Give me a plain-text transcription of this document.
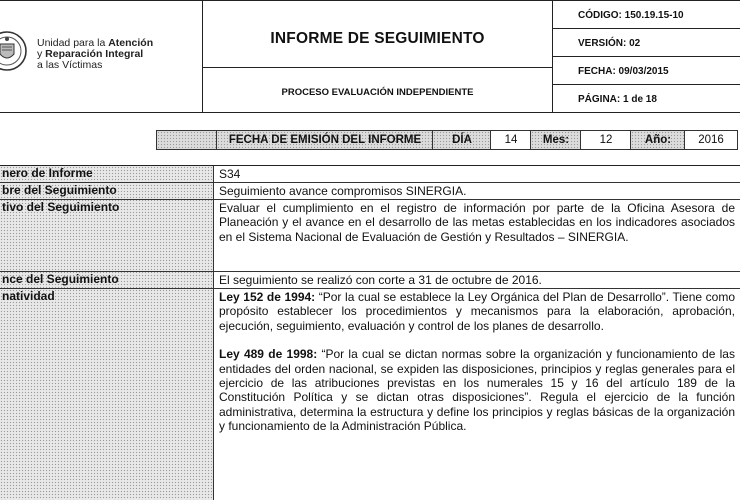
Unidad para la Atención
y Reparación Integral
a las Víctimas
INFORME DE SEGUIMIENTO
PROCESO EVALUACIÓN INDEPENDIENTE
CÓDIGO: 150.19.15-10
VERSIÓN: 02
FECHA: 09/03/2015
PÁGINA: 1 de 18
FECHA DE EMISIÓN DEL INFORME	DÍA	14	Mes:	12	Año:	2016
nero de Informe	S34
bre del Seguimiento	Seguimiento avance compromisos SINERGIA.
tivo del Seguimiento	Evaluar el cumplimiento en el registro de información por parte de la Oficina Asesora de Planeación y el avance en el desarrollo de las metas establecidas en los indicadores asociados en el Sistema Nacional de Evaluación de Gestión y Resultados – SINERGIA.
nce del Seguimiento	El seguimiento se realizó con corte a 31 de octubre de 2016.
natividad	Ley 152 de 1994: “Por la cual se establece la Ley Orgánica del Plan de Desarrollo”. Tiene como propósito establecer los procedimientos y mecanismos para la elaboración, aprobación, ejecución, seguimiento, evaluación y control de los planes de desarrollo.
Ley 489 de 1998: “Por la cual se dictan normas sobre la organización y funcionamiento de las entidades del orden nacional, se expiden las disposiciones, principios y reglas generales para el ejercicio de las atribuciones previstas en los numerales 15 y 16 del artículo 189 de la Constitución Política y se dictan otras disposiciones”. Regula el ejercicio de la función administrativa, determina la estructura y define los principios y reglas básicas de la organización y funcionamiento de la Administración Pública.
